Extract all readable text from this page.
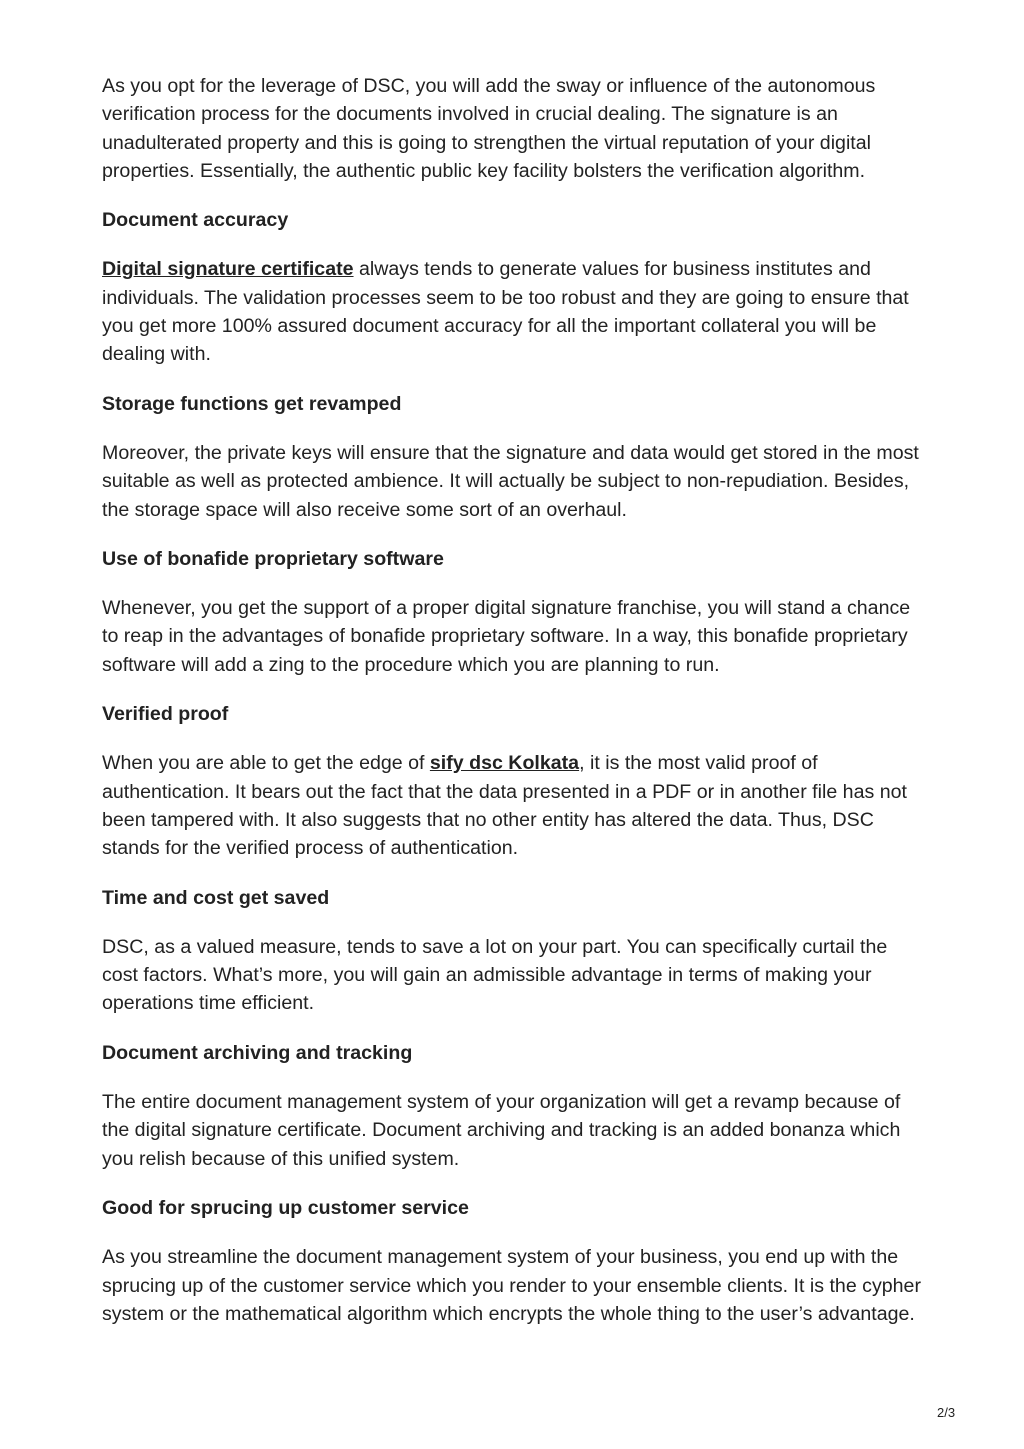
As you opt for the leverage of DSC, you will add the sway or influence of the autonomous verification process for the documents involved in crucial dealing. The signature is an unadulterated property and this is going to strengthen the virtual reputation of your digital properties. Essentially, the authentic public key facility bolsters the verification algorithm.

Document accuracy

Digital signature certificate always tends to generate values for business institutes and individuals. The validation processes seem to be too robust and they are going to ensure that you get more 100% assured document accuracy for all the important collateral you will be dealing with.

Storage functions get revamped

Moreover, the private keys will ensure that the signature and data would get stored in the most suitable as well as protected ambience. It will actually be subject to non-repudiation. Besides, the storage space will also receive some sort of an overhaul.

Use of bonafide proprietary software

Whenever, you get the support of a proper digital signature franchise, you will stand a chance to reap in the advantages of bonafide proprietary software. In a way, this bonafide proprietary software will add a zing to the procedure which you are planning to run.

Verified proof

When you are able to get the edge of sify dsc Kolkata, it is the most valid proof of authentication. It bears out the fact that the data presented in a PDF or in another file has not been tampered with. It also suggests that no other entity has altered the data. Thus, DSC stands for the verified process of authentication.

Time and cost get saved

DSC, as a valued measure, tends to save a lot on your part. You can specifically curtail the cost factors. What’s more, you will gain an admissible advantage in terms of making your operations time efficient.

Document archiving and tracking

The entire document management system of your organization will get a revamp because of the digital signature certificate. Document archiving and tracking is an added bonanza which you relish because of this unified system.

Good for sprucing up customer service

As you streamline the document management system of your business, you end up with the sprucing up of the customer service which you render to your ensemble clients. It is the cypher system or the mathematical algorithm which encrypts the whole thing to the user’s advantage.

2/3
